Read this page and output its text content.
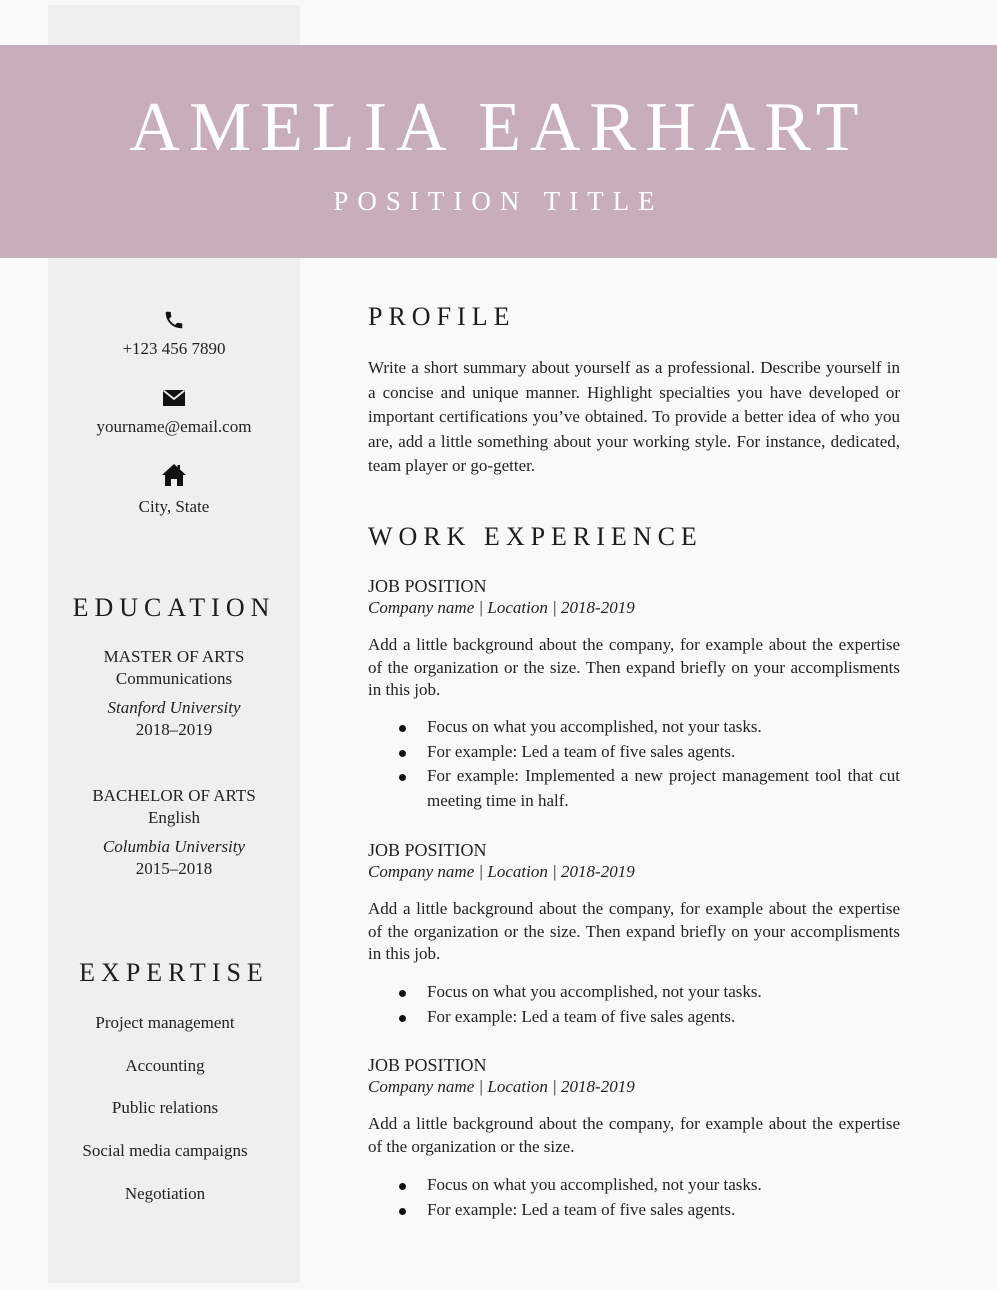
AMELIA EARHART
POSITION TITLE
+123 456 7890
yourname@email.com
City, State
EDUCATION
MASTER OF ARTS
Communications
Stanford University
2018–2019
BACHELOR OF ARTS
English
Columbia University
2015–2018
EXPERTISE
Project management
Accounting
Public relations
Social media campaigns
Negotiation
PROFILE

Write a short summary about yourself as a professional. Describe yourself in a concise and unique manner. Highlight specialties you have developed or important certifications you’ve obtained. To provide a better idea of who you are, add a little something about your working style. For instance, dedicated, team player or go-getter.

WORK EXPERIENCE
JOB POSITION
Company name | Location | 2018-2019

Add a little background about the company, for example about the expertise of the organization or the size. Then expand briefly on your accomplisments in this job.

Focus on what you accomplished, not your tasks.
For example: Led a team of five sales agents.
For example: Implemented a new project management tool that cut meeting time in half.
JOB POSITION
Company name | Location | 2018-2019

Add a little background about the company, for example about the expertise of the organization or the size. Then expand briefly on your accomplisments in this job.

Focus on what you accomplished, not your tasks.
For example: Led a team of five sales agents.
JOB POSITION
Company name | Location | 2018-2019

Add a little background about the company, for example about the expertise of the organization or the size.

Focus on what you accomplished, not your tasks.
For example: Led a team of five sales agents.
